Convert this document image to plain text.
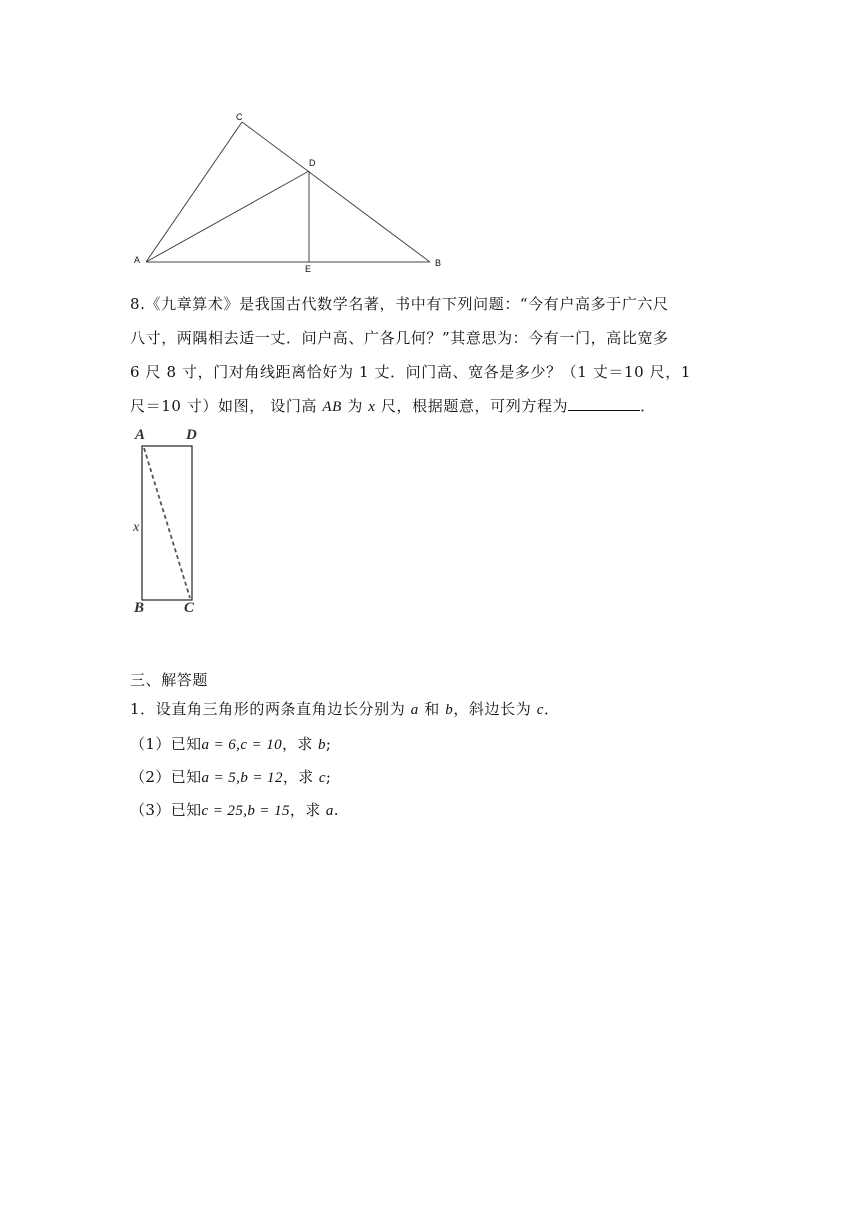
A	B
C
D
E
8.《九章算术》是我国古代数学名著，书中有下列问题：“今有户高多于广六尺
八寸，两隅相去适一丈．问户高、广各几何？”其意思为：今有一门，高比宽多
6 尺 8 寸，门对角线距离恰好为 1 丈．问门高、宽各是多少？（1 丈＝10 尺，1
尺＝10 寸）如图， 设门高 AB 为 x 尺，根据题意，可列方程为	．
A	D
B	C
x
三、解答题
1．设直角三角形的两条直角边长分别为 a 和 b，斜边长为 c．
（1）已知a = 6,c = 10，求 b;
（2）已知a = 5,b = 12，求 c;
（3）已知c = 25,b = 15，求 a.
